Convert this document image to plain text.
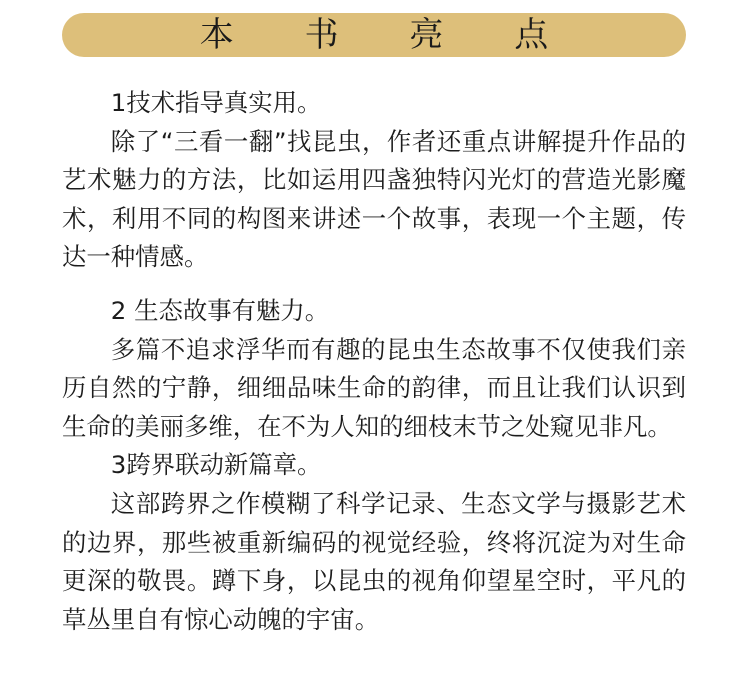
本 书 亮 点

1技术指导真实用。

除了“三看一翻”找昆虫，作者还重点讲解提升作品的艺术魅力的方法，比如运用四盏独特闪光灯的营造光影魔术，利用不同的构图来讲述一个故事，表现一个主题，传达一种情感。

2 生态故事有魅力。

多篇不追求浮华而有趣的昆虫生态故事不仅使我们亲历自然的宁静，细细品味生命的韵律，而且让我们认识到生命的美丽多维，在不为人知的细枝末节之处窥见非凡。

3跨界联动新篇章。

这部跨界之作模糊了科学记录、生态文学与摄影艺术的边界，那些被重新编码的视觉经验，终将沉淀为对生命更深的敬畏。蹲下身，以昆虫的视角仰望星空时，平凡的草丛里自有惊心动魄的宇宙。
